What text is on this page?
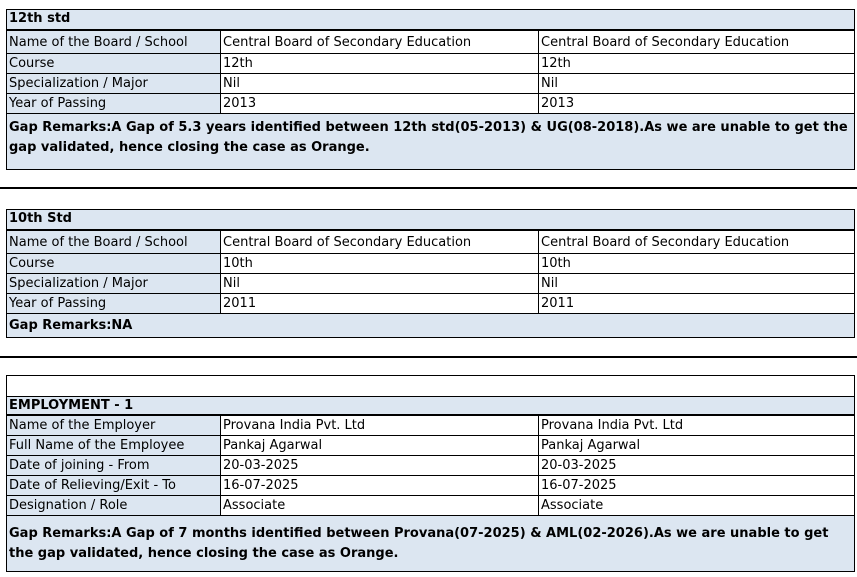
12th std
Name of the Board / School	Central Board of Secondary Education	Central Board of Secondary Education
Course	12th	12th
Specialization / Major	Nil	Nil
Year of Passing	2013	2013
Gap Remarks:A Gap of 5.3 years identified between 12th std(05-2013) & UG(08-2018).As we are unable to get the gap validated, hence closing the case as Orange.
10th Std
Name of the Board / School	Central Board of Secondary Education	Central Board of Secondary Education
Course	10th	10th
Specialization / Major	Nil	Nil
Year of Passing	2011	2011
Gap Remarks:NA
EMPLOYMENT - 1
Name of the Employer	Provana India Pvt. Ltd	Provana India Pvt. Ltd
Full Name of the Employee	Pankaj Agarwal	Pankaj Agarwal
Date of joining - From	20-03-2025	20-03-2025
Date of Relieving/Exit - To	16-07-2025	16-07-2025
Designation / Role	Associate	Associate
Gap Remarks:A Gap of 7 months identified between Provana(07-2025) & AML(02-2026).As we are unable to get the gap validated, hence closing the case as Orange.
